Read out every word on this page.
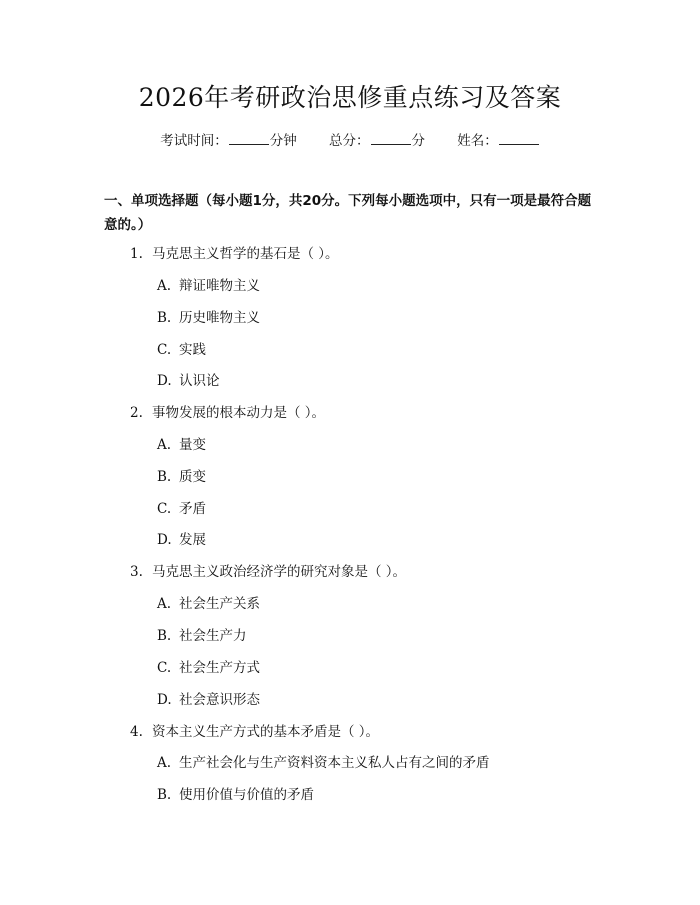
2026年考研政治思修重点练习及答案
考试时间：	分钟 总分：	分 姓名：
一、单项选择题（每小题1分，共20分。下列每小题选项中，只有一项是最符合题意的。）
1. 马克思主义哲学的基石是（ ）。
A. 辩证唯物主义
B. 历史唯物主义
C. 实践
D. 认识论
2. 事物发展的根本动力是（ ）。
A. 量变
B. 质变
C. 矛盾
D. 发展
3. 马克思主义政治经济学的研究对象是（ ）。
A. 社会生产关系
B. 社会生产力
C. 社会生产方式
D. 社会意识形态
4. 资本主义生产方式的基本矛盾是（ ）。
A. 生产社会化与生产资料资本主义私人占有之间的矛盾
B. 使用价值与价值的矛盾
